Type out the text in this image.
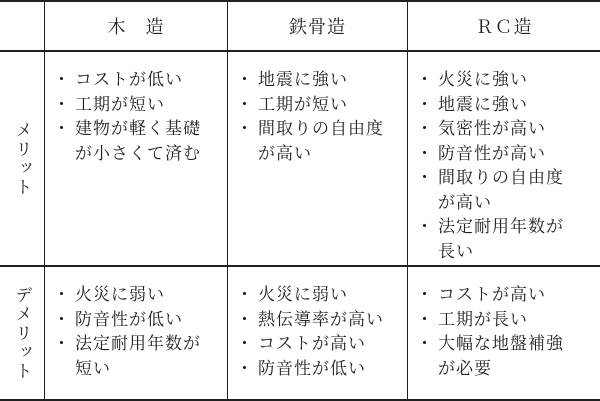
木　造	鉄骨造	ＲＣ造
メリット
・ コストが低い
・ 工期が短い
・ 建物が軽く基礎
が小さくて済む
・ 地震に強い
・ 工期が短い
・ 間取りの自由度
が高い
・ 火災に強い
・ 地震に強い
・ 気密性が高い
・ 防音性が高い
・ 間取りの自由度
が高い
・ 法定耐用年数が
長い
デメリット
・	火災に弱い
・ 防音性が低い
・ 法定耐用年数が
短い
・ 火災に弱い
・ 熱伝導率が高い
・ コストが高い
・ 防音性が低い
・ コストが高い
・ 工期が長い
・ 大幅な地盤補強
が必要
